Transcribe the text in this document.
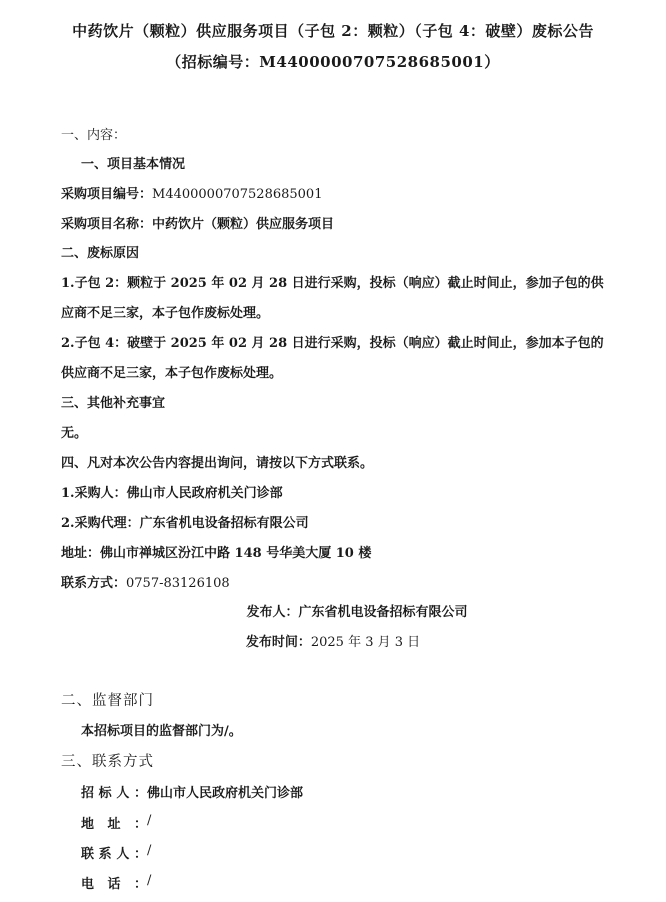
中药饮片（颗粒）供应服务项目（子包 2：颗粒）（子包 4：破壁）废标公告
（招标编号：M4400000707528685001）
一、内容：
一、项目基本情况
采购项目编号：M4400000707528685001
采购项目名称：中药饮片（颗粒）供应服务项目
二、废标原因
1.子包 2：颗粒于 2025 年 02 月 28 日进行采购，投标（响应）截止时间止，参加子包的供
应商不足三家，本子包作废标处理。
2.子包 4：破壁于 2025 年 02 月 28 日进行采购，投标（响应）截止时间止，参加本子包的
供应商不足三家，本子包作废标处理。
三、其他补充事宜
无。
四、凡对本次公告内容提出询问，请按以下方式联系。
1.采购人：佛山市人民政府机关门诊部
2.采购代理：广东省机电设备招标有限公司
地址：佛山市禅城区汾江中路 148 号华美大厦 10 楼
联系方式：0757-83126108
发布人：广东省机电设备招标有限公司
发布时间：2025 年 3 月 3 日
二、监督部门
本招标项目的监督部门为/。
三、联系方式
招标人： 佛山市人民政府机关门诊部
地址： /
联系人： /
电话： /
